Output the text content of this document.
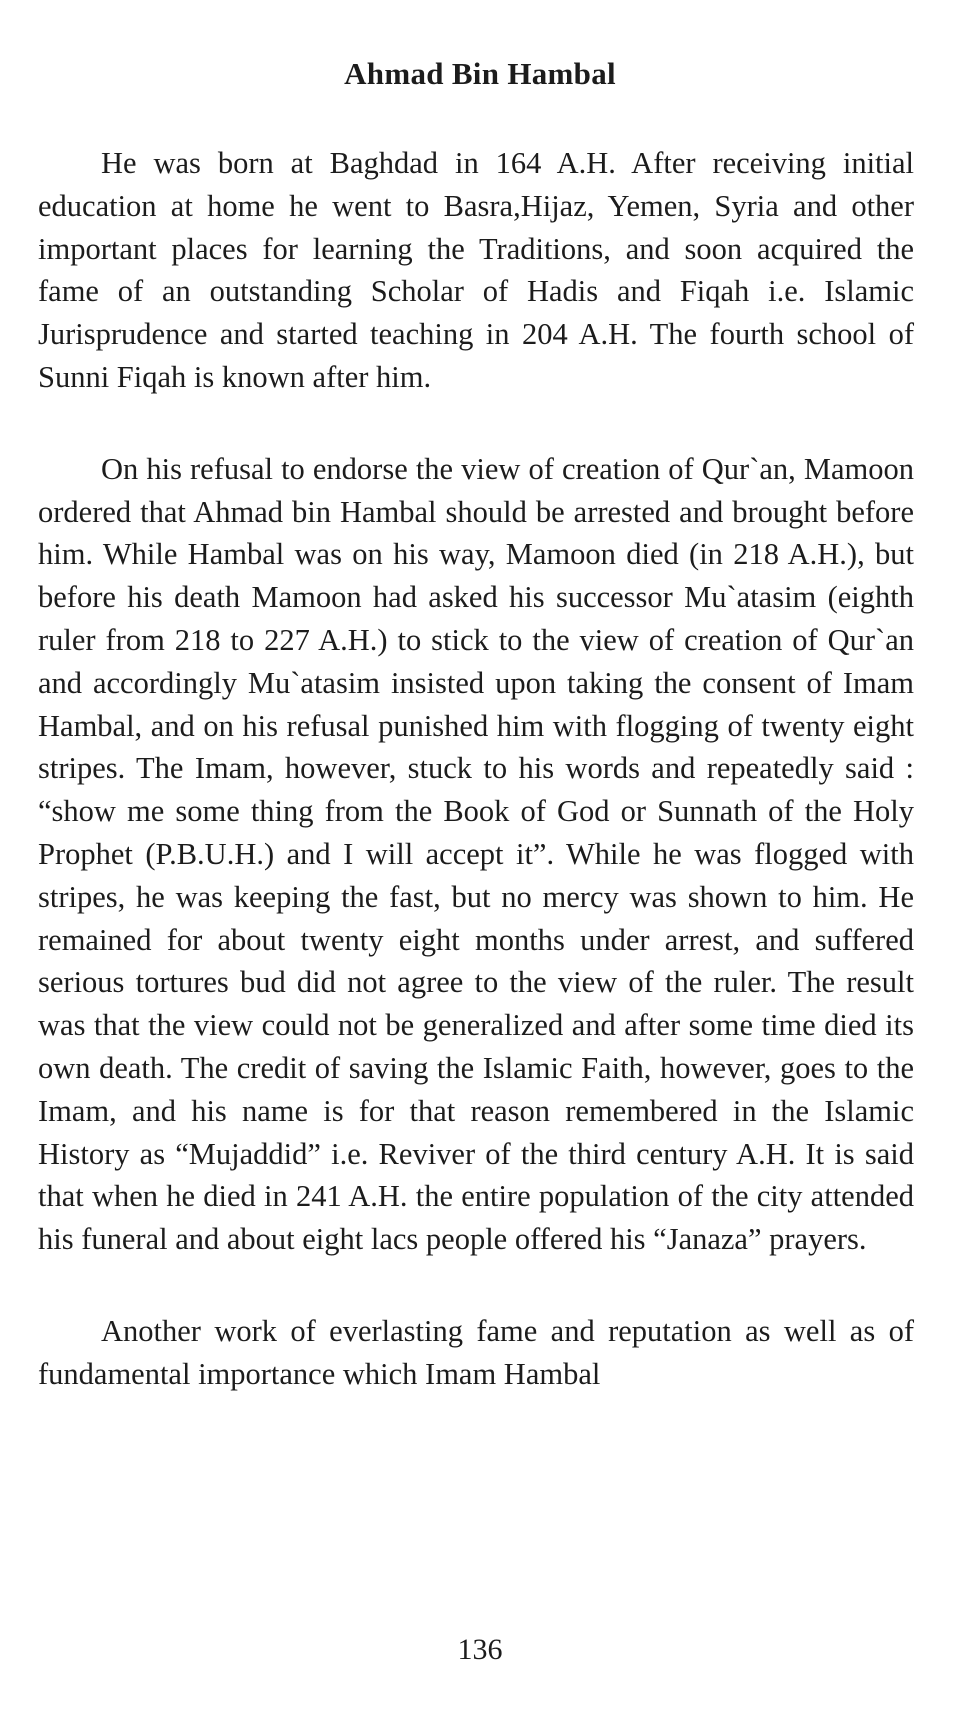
Ahmad Bin Hambal

He was born at Baghdad in 164 A.H. After receiving initial education at home he went to Basra,Hijaz, Yemen, Syria and other important places for learning the Traditions, and soon acquired the fame of an outstanding Scholar of Hadis and Fiqah i.e. Islamic Jurisprudence and started teaching in 204 A.H. The fourth school of Sunni Fiqah is known after him.

On his refusal to endorse the view of creation of Qur`an, Mamoon ordered that Ahmad bin Hambal should be arrested and brought before him. While Hambal was on his way, Mamoon died (in 218 A.H.), but before his death Mamoon had asked his successor Mu`atasim (eighth ruler from 218 to 227 A.H.) to stick to the view of creation of Qur`an and accordingly Mu`atasim insisted upon taking the consent of Imam Hambal, and on his refusal punished him with flogging of twenty eight stripes. The Imam, however, stuck to his words and repeatedly said : “show me some thing from the Book of God or Sunnath of the Holy Prophet (P.B.U.H.) and I will accept it”. While he was flogged with stripes, he was keeping the fast, but no mercy was shown to him. He remained for about twenty eight months under arrest, and suffered serious tortures bud did not agree to the view of the ruler. The result was that the view could not be generalized and after some time died its own death. The credit of saving the Islamic Faith, however, goes to the Imam, and his name is for that reason remembered in the Islamic History as “Mujaddid” i.e. Reviver of the third century A.H. It is said that when he died in 241 A.H. the entire population of the city attended his funeral and about eight lacs people offered his “Janaza” prayers.

Another work of everlasting fame and reputation as well as of fundamental importance which Imam Hambal

136
